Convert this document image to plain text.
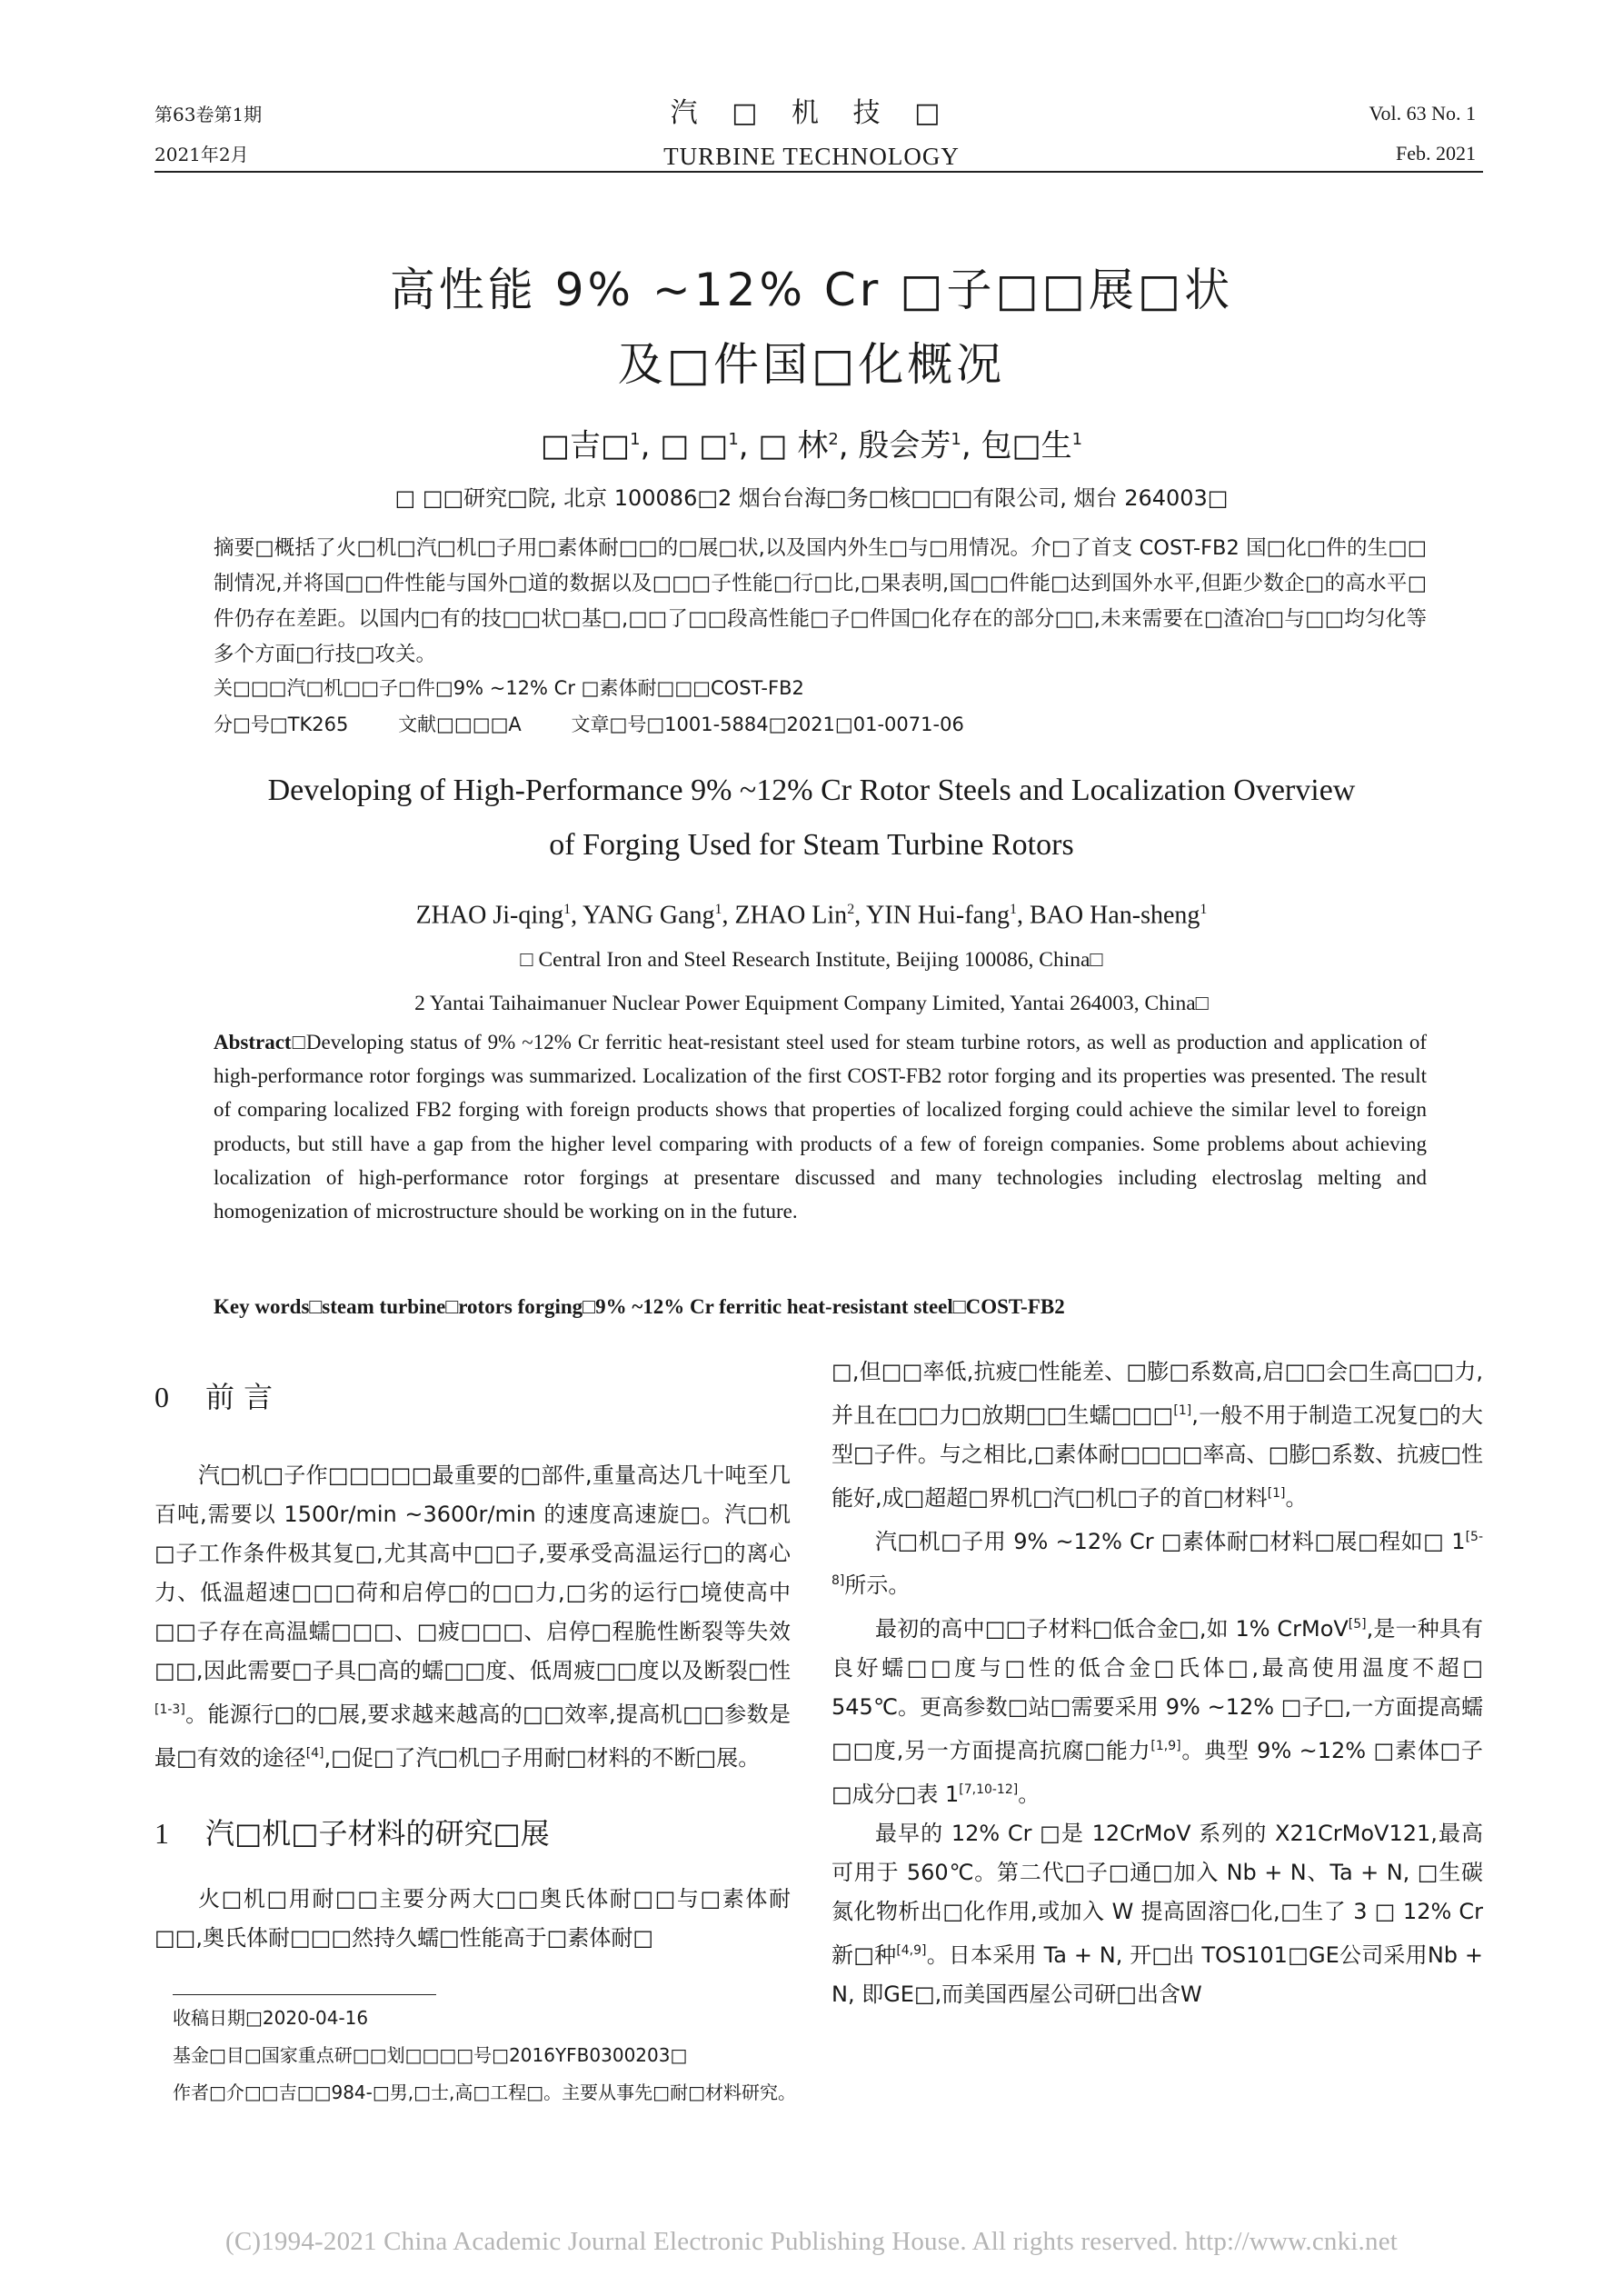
第63卷第1期
2021年2月
汽 □ 机 技 □
TURBINE TECHNOLOGY
Vol. 63 No. 1
Feb. 2021
高性能 9% ~12% Cr □子□□展□状
及□件国□化概况
□吉□$^1$, □ □$^1$, □ 林$^2$, 殷会芳$^1$, 包□生$^1$
□ □□研究□院, 北京 100086□2 烟台台海□务□核□□□有限公司, 烟台 264003□
摘要□概括了火□机□汽□机□子用□素体耐□□的□展□状,以及国内外生□与□用情况。介□了首支 COST-FB2 国□化□件的生□□制情况,并将国□□件性能与国外□道的数据以及□□□子性能□行□比,□果表明,国□□件能□达到国外水平,但距少数企□的高水平□件仍存在差距。以国内□有的技□□状□基□,□□了□□段高性能□子□件国□化存在的部分□□,未来需要在□渣冶□与□□均匀化等多个方面□行技□攻关。
关□□□汽□机□□子□件□9% ~12% Cr □素体耐□□□COST-FB2
分□号□TK265	文献□□□□A	文章□号□1001-5884□2021□01-0071-06
Developing of High-Performance 9% ~12% Cr Rotor Steels and Localization Overview
of Forging Used for Steam Turbine Rotors
ZHAO Ji-qing$^1$, YANG Gang$^1$, ZHAO Lin$^2$, YIN Hui-fang$^1$, BAO Han-sheng$^1$
□ Central Iron and Steel Research Institute, Beijing 100086, China□
2 Yantai Taihaimanuer Nuclear Power Equipment Company Limited, Yantai 264003, China□
Abstract□Developing status of 9% ~12% Cr ferritic heat-resistant steel used for steam turbine rotors, as well as production and application of high-performance rotor forgings was summarized. Localization of the first COST-FB2 rotor forging and its properties was presented. The result of comparing localized FB2 forging with foreign products shows that properties of localized forging could achieve the similar level to foreign products, but still have a gap from the higher level comparing with products of a few of foreign companies. Some problems about achieving localization of high-performance rotor forgings at presentare discussed and many technologies including electroslag melting and homogenization of microstructure should be working on in the future.
Key words□steam turbine□rotors forging□9% ~12% Cr ferritic heat-resistant steel□COST-FB2
0 前 言

汽□机□子作□□□□□最重要的□部件,重量高达几十吨至几百吨,需要以 1500r/min ~3600r/min 的速度高速旋□。汽□机□子工作条件极其复□,尤其高中□□子,要承受高温运行□的离心力、低温超速□□□荷和启停□的□□力,□劣的运行□境使高中□□子存在高温蠕□□□、□疲□□□、启停□程脆性断裂等失效□□,因此需要□子具□高的蠕□□度、低周疲□□度以及断裂□性[1-3]。能源行□的□展,要求越来越高的□□效率,提高机□□参数是最□有效的途径[4],□促□了汽□机□子用耐□材料的不断□展。

1 汽□机□子材料的研究□展

火□机□用耐□□主要分两大□□奥氏体耐□□与□素体耐□□,奥氏体耐□□□然持久蠕□性能高于□素体耐□

□,但□□率低,抗疲□性能差、□膨□系数高,启□□会□生高□□力,并且在□□力□放期□□生蠕□□□[1],一般不用于制造工况复□的大型□子件。与之相比,□素体耐□□□□率高、□膨□系数、抗疲□性能好,成□超超□界机□汽□机□子的首□材料[1]。

汽□机□子用 9% ~12% Cr □素体耐□材料□展□程如□ 1[5-8]所示。

最初的高中□□子材料□低合金□,如 1% CrMoV[5],是一种具有良好蠕□□度与□性的低合金□氏体□,最高使用温度不超□ 545℃。更高参数□站□需要采用 9% ~12% □子□,一方面提高蠕□□度,另一方面提高抗腐□能力[1,9]。典型 9% ~12% □素体□子□成分□表 1[7,10-12]。

最早的 12% Cr □是 12CrMoV 系列的 X21CrMoV121,最高可用于 560℃。第二代□子□通□加入 Nb + N、Ta + N, □生碳氮化物析出□化作用,或加入 W 提高固溶□化,□生了 3 □ 12% Cr 新□种[4,9]。日本采用 Ta + N, 开□出 TOS101□GE公司采用Nb + N, 即GE□,而美国西屋公司研□出含W

收稿日期□2020-04-16
基金□目□国家重点研□□划□□□□号□2016YFB0300203□
作者□介□□吉□□984-□男,□士,高□工程□。主要从事先□耐□材料研究。
(C)1994-2021 China Academic Journal Electronic Publishing House. All rights reserved. http://www.cnki.net
